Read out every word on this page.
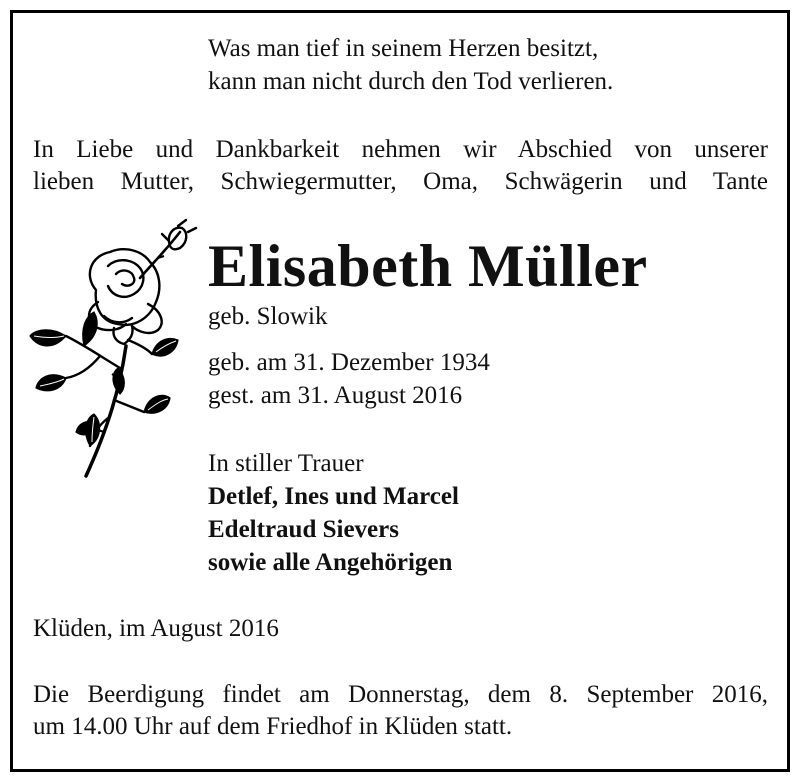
Was man tief in seinem Herzen besitzt,
kann man nicht durch den Tod verlieren.
In Liebe und Dankbarkeit nehmen wir Abschied von unserer
lieben Mutter, Schwiegermutter, Oma, Schwägerin und Tante
Elisabeth Müller
geb. Slowik
geb. am 31. Dezember 1934
gest. am 31. August 2016
In stiller Trauer
Detlef, Ines und Marcel
Edeltraud Sievers
sowie alle Angehörigen
Klüden, im August 2016
Die Beerdigung findet am Donnerstag, dem 8. September 2016,
um 14.00 Uhr auf dem Friedhof in Klüden statt.
